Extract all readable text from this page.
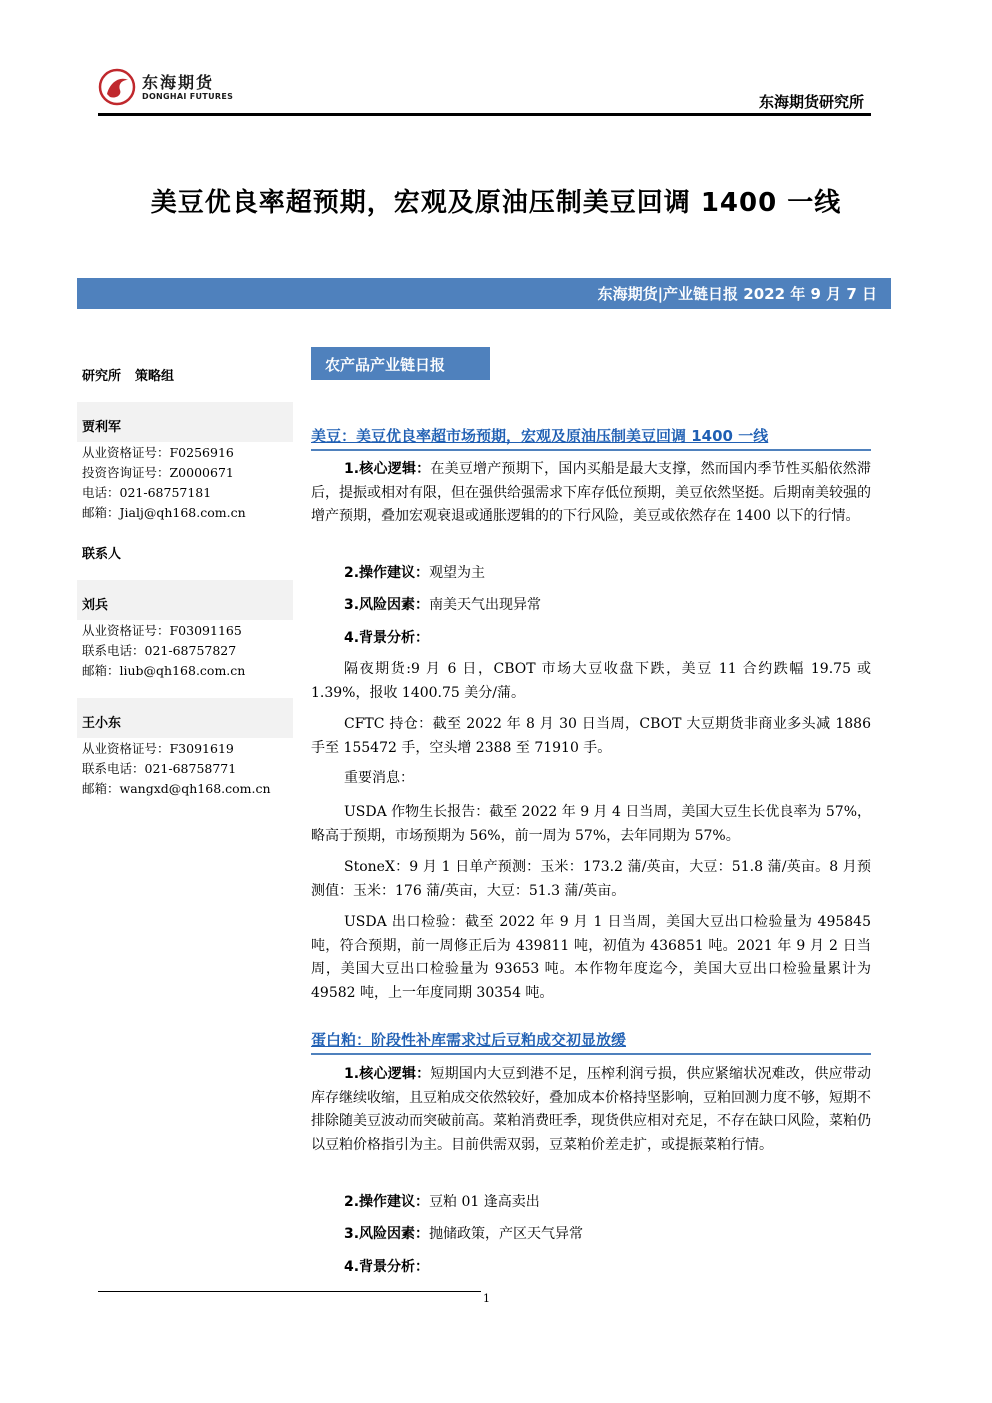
东海期货
DONGHAI FUTURES	东海期货研究所
美豆优良率超预期，宏观及原油压制美豆回调 1400 一线
东海期货|产业链日报 2022 年 9 月 7 日
研究所 策略组
贾利军
从业资格证号：F0256916
投资咨询证号：Z0000671
电话：021-68757181
邮箱：Jialj@qh168.com.cn
联系人
刘兵
从业资格证号：F03091165
联系电话：021-68757827
邮箱：liub@qh168.com.cn
王小东
从业资格证号：F3091619
联系电话：021-68758771
邮箱：wangxd@qh168.com.cn
农产品产业链日报
美豆：美豆优良率超市场预期，宏观及原油压制美豆回调 1400 一线
1.核心逻辑：在美豆增产预期下，国内买船是最大支撑，然而国内季节性买船依然滞后，提振或相对有限，但在强供给强需求下库存低位预期，美豆依然坚挺。后期南美较强的增产预期，叠加宏观衰退或通胀逻辑的的下行风险，美豆或依然存在 1400 以下的行情。
2.操作建议：观望为主
3.风险因素：南美天气出现异常
4.背景分析：
隔夜期货:9 月 6 日，CBOT 市场大豆收盘下跌，美豆 11 合约跌幅 19.75 或 1.39%，报收 1400.75 美分/蒲。
CFTC 持仓：截至 2022 年 8 月 30 日当周，CBOT 大豆期货非商业多头减 1886 手至 155472 手，空头增 2388 至 71910 手。
重要消息：
USDA 作物生长报告：截至 2022 年 9 月 4 日当周，美国大豆生长优良率为 57%，略高于预期，市场预期为 56%，前一周为 57%，去年同期为 57%。
StoneX：9 月 1 日单产预测：玉米：173.2 蒲/英亩，大豆：51.8 蒲/英亩。8 月预测值：玉米：176 蒲/英亩，大豆：51.3 蒲/英亩。
USDA 出口检验：截至 2022 年 9 月 1 日当周，美国大豆出口检验量为 495845 吨，符合预期，前一周修正后为 439811 吨，初值为 436851 吨。2021 年 9 月 2 日当周，美国大豆出口检验量为 93653 吨。本作物年度迄今，美国大豆出口检验量累计为 49582 吨，上一年度同期 30354 吨。
蛋白粕：阶段性补库需求过后豆粕成交初显放缓
1.核心逻辑：短期国内大豆到港不足，压榨利润亏损，供应紧缩状况难改，供应带动库存继续收缩，且豆粕成交依然较好，叠加成本价格持坚影响，豆粕回测力度不够，短期不排除随美豆波动而突破前高。菜粕消费旺季，现货供应相对充足，不存在缺口风险，菜粕仍以豆粕价格指引为主。目前供需双弱，豆菜粕价差走扩，或提振菜粕行情。
2.操作建议：豆粕 01 逢高卖出
3.风险因素：抛储政策，产区天气异常
4.背景分析：
1
